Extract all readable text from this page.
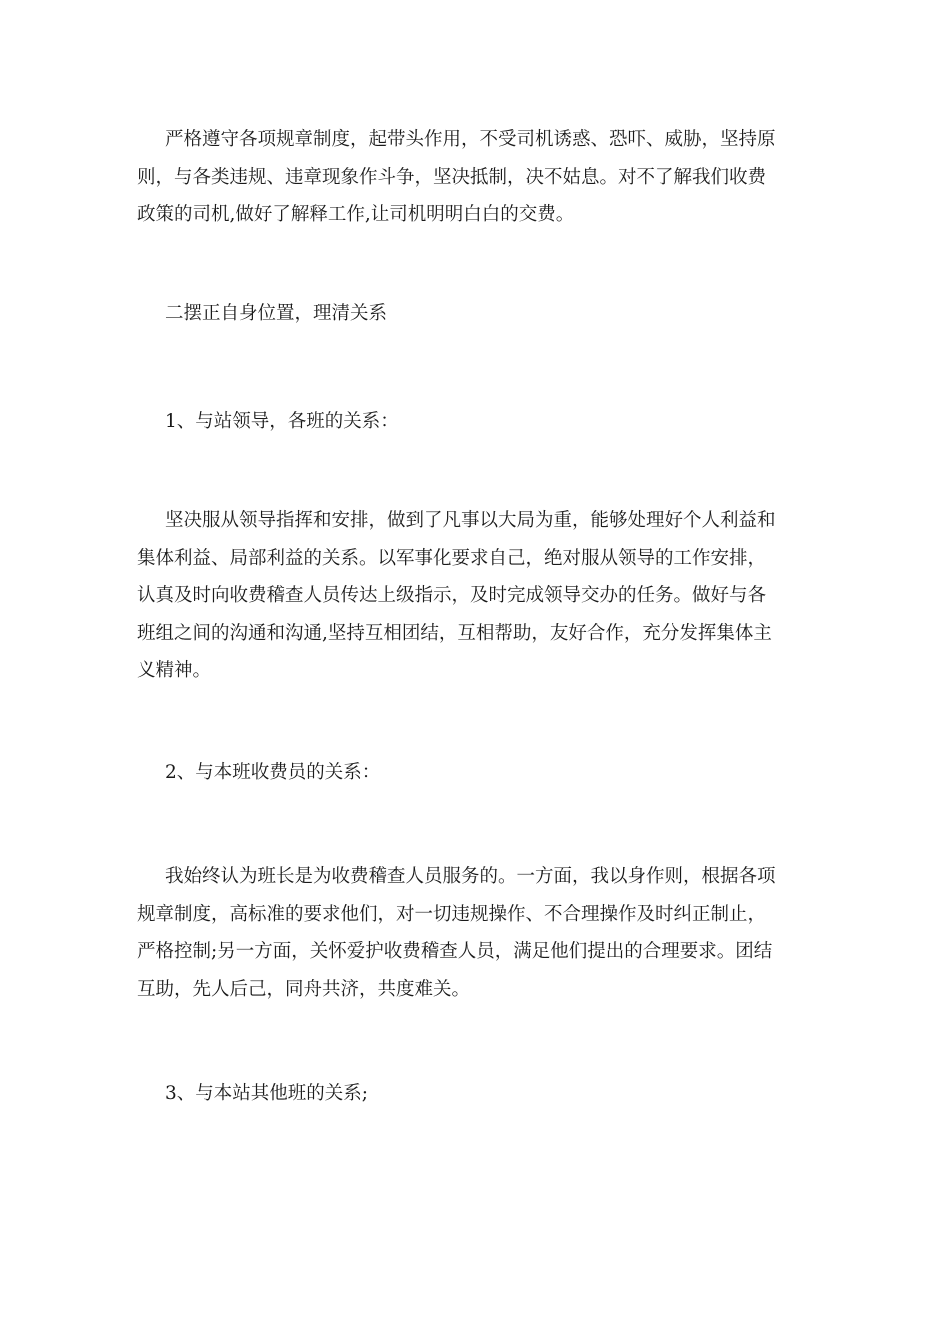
严格遵守各项规章制度，起带头作用，不受司机诱惑、恐吓、威胁，坚持原
则，与各类违规、违章现象作斗争，坚决抵制，决不姑息。对不了解我们收费
政策的司机,做好了解释工作,让司机明明白白的交费。
二摆正自身位置，理清关系
1、与站领导，各班的关系：
坚决服从领导指挥和安排，做到了凡事以大局为重，能够处理好个人利益和
集体利益、局部利益的关系。以军事化要求自己，绝对服从领导的工作安排，
认真及时向收费稽查人员传达上级指示，及时完成领导交办的任务。做好与各
班组之间的沟通和沟通,坚持互相团结，互相帮助，友好合作，充分发挥集体主
义精神。
2、与本班收费员的关系：
我始终认为班长是为收费稽查人员服务的。一方面，我以身作则，根据各项
规章制度，高标准的要求他们，对一切违规操作、不合理操作及时纠正制止，
严格控制;另一方面，关怀爱护收费稽查人员，满足他们提出的合理要求。团结
互助，先人后己，同舟共济，共度难关。
3、与本站其他班的关系;
